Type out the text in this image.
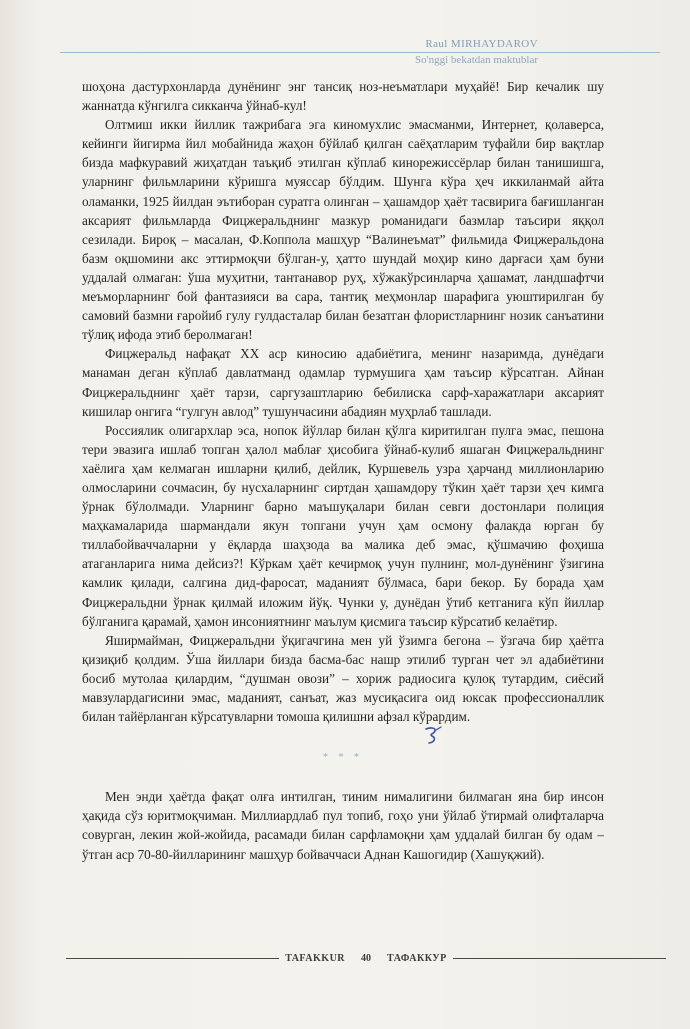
Raul MIRHAYDAROV
So'nggi bekatdan maktublar

шоҳона дастурхонларда дунёнинг энг тансиқ ноз-неъматлари муҳайё! Бир кечалик шу жаннатда кўнгилга сикканча ўйнаб-кул!

Олтмиш икки йиллик тажрибага эга киномухлис эмасманми, Интернет, қолаверса, кейинги йигирма йил мобайнида жаҳон бўйлаб қилган саёҳатларим туфайли бир вақтлар бизда мафкуравий жиҳатдан таъқиб этилган кўплаб кинорежиссёрлар билан танишишга, уларнинг фильмларини кўришга муяссар бўлдим. Шунга кўра ҳеч иккиланмай айта оламанки, 1925 йилдан эътиборан суратга олинган – ҳашамдор ҳаёт тасвирига бағишланган аксарият фильмларда Фицжеральднинг мазкур романидаги базмлар таъсири яққол сезилади. Бироқ – масалан, Ф.Коппола машҳур “Валинеъмат” фильмида Фицжеральдона базм оқшомини акс эттирмоқчи бўлган-у, ҳатто шундай моҳир кино дарғаси ҳам буни уддалай олмаган: ўша муҳитни, тантанавор руҳ, хўжакўрсинларча ҳашамат, ландшафтчи меъморларнинг бой фантазияси ва сара, тантиқ меҳмонлар шарафига уюштирилган бу самовий базмни ғаройиб гулу гулдасталар билан безатган флористларнинг нозик санъатини тўлиқ ифода этиб беролмаган!

Фицжеральд нафақат ХХ аср киносию адабиётига, менинг назаримда, дунёдаги манаман деган кўплаб давлатманд одамлар турмушига ҳам таъсир кўрсатган. Айнан Фицжеральднинг ҳаёт тарзи, саргузаштларию бебилиска сарф-харажатлари аксарият кишилар онгига “гулгун авлод” тушунчасини абадиян муҳрлаб ташлади.

Россиялик олигархлар эса, нопок йўллар билан қўлга киритилган пулга эмас, пешона тери эвазига ишлаб топган ҳалол маблағ ҳисобига ўйнаб-кулиб яшаган Фицжеральднинг хаёлига ҳам келмаган ишларни қилиб, дейлик, Куршевель узра ҳарчанд миллионларию олмосларини сочмасин, бу нусхаларнинг сиртдан ҳашамдору тўкин ҳаёт тарзи ҳеч кимга ўрнак бўлолмади. Уларнинг барно маъшуқалари билан севги достонлари полиция маҳкамаларида шармандали якун топгани учун ҳам осмону фалакда юрган бу тиллабойваччаларни у ёқларда шаҳзода ва малика деб эмас, қўшмачию фоҳиша атаганларига нима дейсиз?! Кўркам ҳаёт кечирмоқ учун пулнинг, мол-дунёнинг ўзигина камлик қилади, салгина дид-фаросат, маданият бўлмаса, бари бекор. Бу борада ҳам Фицжеральдни ўрнак қилмай иложим йўқ. Чунки у, дунёдан ўтиб кетганига кўп йиллар бўлганига қарамай, ҳамон инсониятнинг маълум қисмига таъсир кўрсатиб келаётир.

Яширмайман, Фицжеральдни ўқигачгина мен уй ўзимга бегона – ўзгача бир ҳаётга қизиқиб қолдим. Ўша йиллари бизда басма-бас нашр этилиб турган чет эл адабиётини босиб мутолаа қилардим, “душман овози” – хориж радиосига қулоқ тутардим, сиёсий мавзулардагисини эмас, маданият, санъат, жаз мусиқасига оид юксак профессионаллик билан тайёрланган кўрсатувларни томоша қилишни афзал кўрардим.

* * *

Мен энди ҳаётда фақат олға интилган, тиним нималигини билмаган яна бир инсон ҳақида сўз юритмоқчиман. Миллиардлаб пул топиб, гоҳо уни ўйлаб ўтирмай олифталарча совурган, лекин жой-жойида, расамади билан сарфламоқни ҳам уддалай билган бу одам – ўтган аср 70-80-йилларининг машҳур бойваччаси Аднан Кашогидир (Хашуқжий).

TAFAKKUR	40	ТАФАККУР
